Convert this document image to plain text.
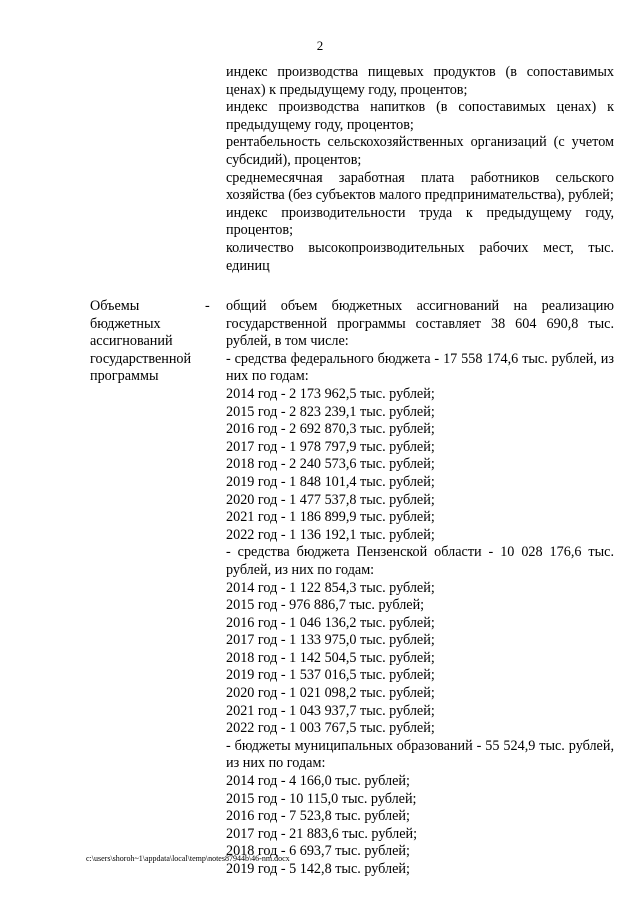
2

индекс производства пищевых продуктов (в сопоставимых ценах) к предыдущему году, процентов;

индекс производства напитков (в сопоставимых ценах) к предыдущему году, процентов;

рентабельность сельскохозяйственных организаций (с учетом субсидий), процентов;

среднемесячная заработная плата работников сельского хозяйства (без субъектов малого предпринимательства), рублей;

индекс производительности труда к предыдущему году, процентов;

количество высокопроизводительных рабочих мест, тыс. единиц

Объемы бюджетных ассигнований государственной программы
- общий объем бюджетных ассигнований на реализацию государственной программы составляет 38 604 690,8 тыс. рублей, в том числе:

- средства федерального бюджета - 17 558 174,6 тыс. рублей, из них по годам:

2014 год - 2 173 962,5 тыс. рублей;

2015 год - 2 823 239,1 тыс. рублей;

2016 год - 2 692 870,3 тыс. рублей;

2017 год - 1 978 797,9 тыс. рублей;

2018 год - 2 240 573,6 тыс. рублей;

2019 год - 1 848 101,4 тыс. рублей;

2020 год - 1 477 537,8 тыс. рублей;

2021 год - 1 186 899,9 тыс. рублей;

2022 год - 1 136 192,1 тыс. рублей;

- средства бюджета Пензенской области - 10 028 176,6 тыс. рублей, из них по годам:

2014 год - 1 122 854,3 тыс. рублей;

2015 год - 976 886,7 тыс. рублей;

2016 год - 1 046 136,2 тыс. рублей;

2017 год - 1 133 975,0 тыс. рублей;

2018 год - 1 142 504,5 тыс. рублей;

2019 год - 1 537 016,5 тыс. рублей;

2020 год - 1 021 098,2 тыс. рублей;

2021 год - 1 043 937,7 тыс. рублей;

2022 год - 1 003 767,5 тыс. рублей;

- бюджеты муниципальных образований - 55 524,9 тыс. рублей, из них по годам:

2014 год - 4 166,0 тыс. рублей;

2015 год - 10 115,0 тыс. рублей;

2016 год - 7 523,8 тыс. рублей;

2017 год - 21 883,6 тыс. рублей;

2018 год - 6 693,7 тыс. рублей;

2019 год - 5 142,8 тыс. рублей;

c:\users\shoroh~1\appdata\local\temp\notes87944b\46-nm.docx
